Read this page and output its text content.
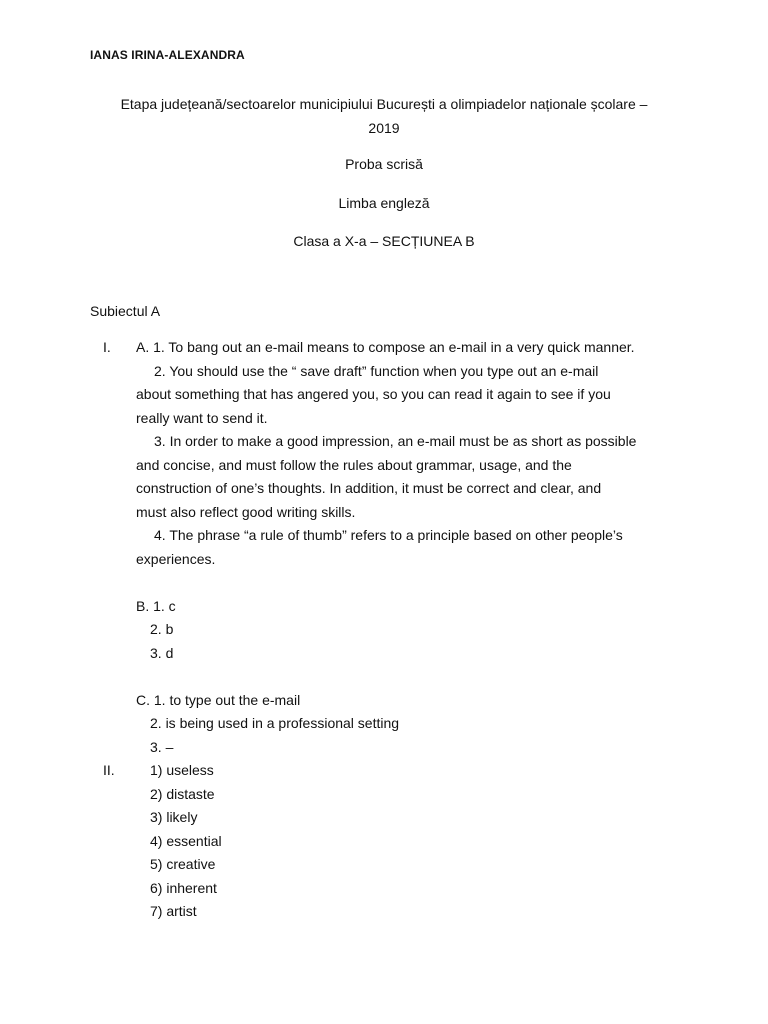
IANAS IRINA-ALEXANDRA
Etapa județeană/sectoarelor municipiului București a olimpiadelor naționale școlare –
2019
Proba scrisă
Limba engleză
Clasa a X-a – SECȚIUNEA B
Subiectul A
I. A. 1. To bang out an e-mail means to compose an e-mail in a very quick manner.
2. You should use the “ save draft” function when you type out an e-mail
about something that has angered you, so you can read it again to see if you
really want to send it.
3. In order to make a good impression, an e-mail must be as short as possible
and concise, and must follow the rules about grammar, usage, and the
construction of one’s thoughts. In addition, it must be correct and clear, and
must also reflect good writing skills.
4. The phrase “a rule of thumb” refers to a principle based on other people’s
experiences.
B. 1. c
2. b
3. d
C. 1. to type out the e-mail
2. is being used in a professional setting
3. –
II.	1) useless
2) distaste
3) likely
4) essential
5) creative
6) inherent
7) artist
